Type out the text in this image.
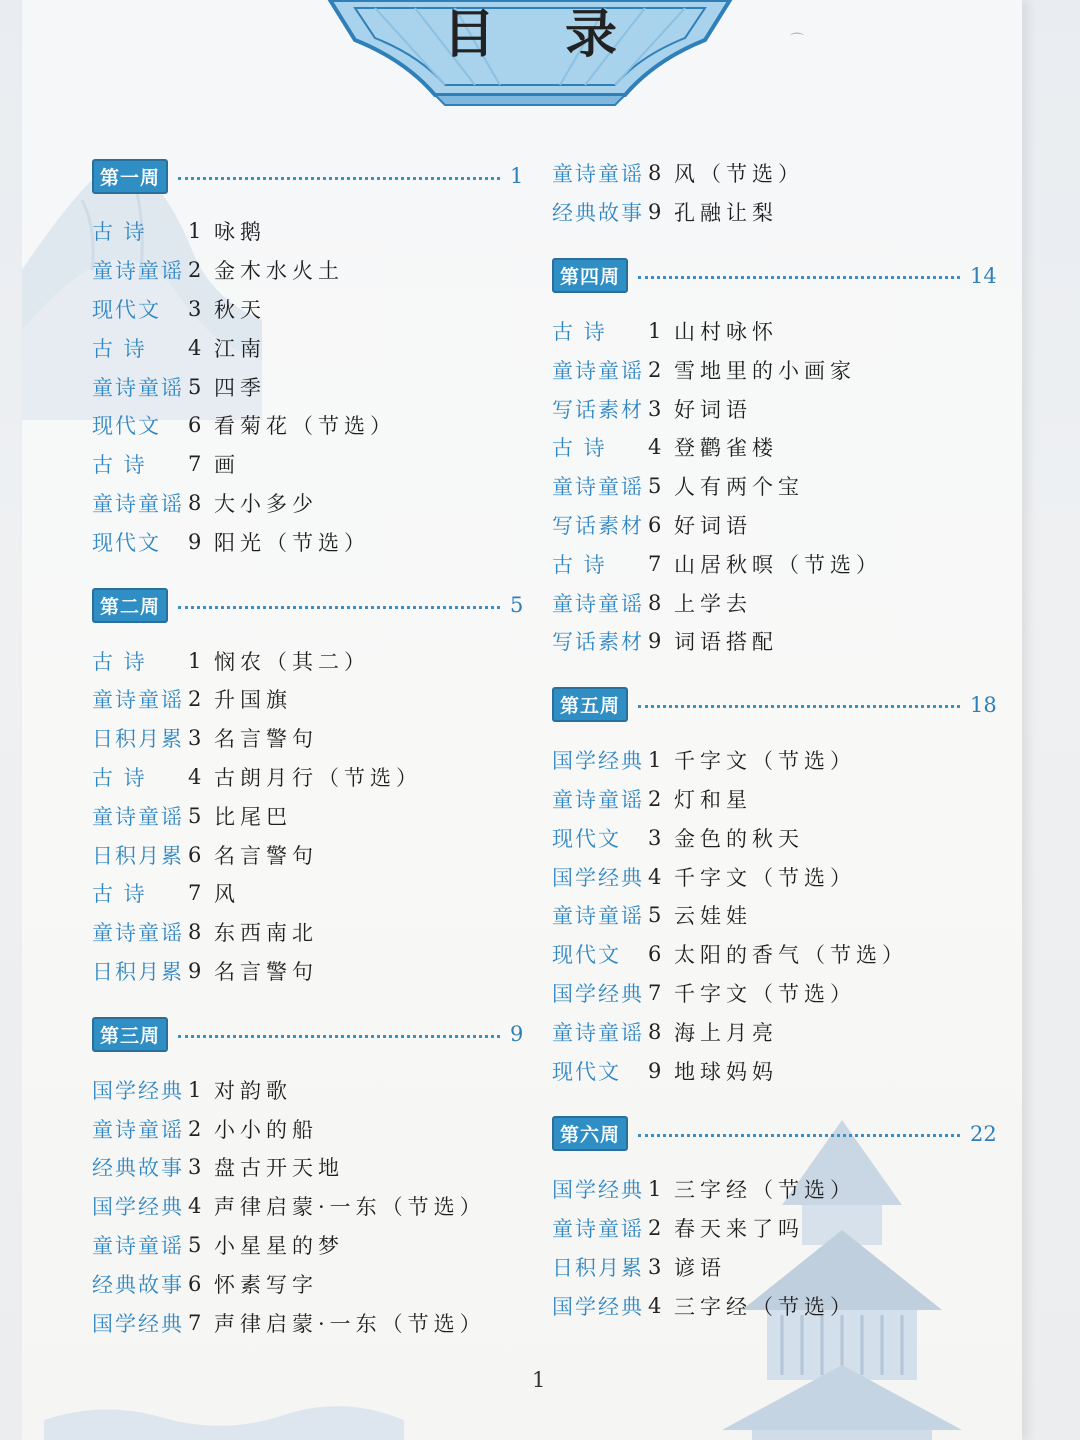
⌒
目录
第一周	1
古 诗	1 咏鹅
童诗童谣 2 金木水火土
现代文	3 秋天
古 诗	4 江南
童诗童谣 5 四季
现代文	6 看菊花（节选）
古 诗	7 画
童诗童谣 8 大小多少
现代文	9 阳光（节选）
第二周	5
古 诗	1 悯农（其二）
童诗童谣 2 升国旗
日积月累 3 名言警句
古 诗	4 古朗月行（节选）
童诗童谣 5 比尾巴
日积月累 6 名言警句
古 诗	7 风
童诗童谣 8 东西南北
日积月累 9 名言警句
第三周	9
国学经典 1 对韵歌
童诗童谣 2 小小的船
经典故事 3 盘古开天地
国学经典 4 声律启蒙·一东（节选）
童诗童谣 5 小星星的梦
经典故事 6 怀素写字
国学经典 7 声律启蒙·一东（节选）
童诗童谣 8 风（节选）
经典故事 9 孔融让梨
第四周	14
古 诗	1 山村咏怀
童诗童谣 2 雪地里的小画家
写话素材 3 好词语
古 诗	4 登鹳雀楼
童诗童谣 5 人有两个宝
写话素材 6 好词语
古 诗	7 山居秋暝（节选）
童诗童谣 8 上学去
写话素材 9 词语搭配
第五周	18
国学经典 1 千字文（节选）
童诗童谣 2 灯和星
现代文	3 金色的秋天
国学经典 4 千字文（节选）
童诗童谣 5 云娃娃
现代文	6 太阳的香气（节选）
国学经典 7 千字文（节选）
童诗童谣 8 海上月亮
现代文	9 地球妈妈
第六周	22
国学经典 1 三字经（节选）
童诗童谣 2 春天来了吗
日积月累 3 谚语
国学经典 4 三字经（节选）
1
